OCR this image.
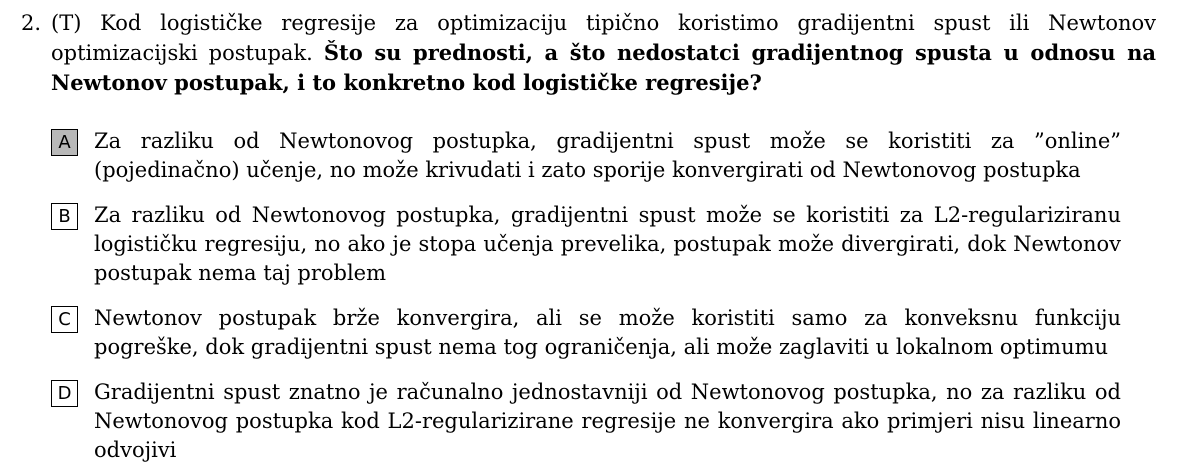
2. (T) Kod logističke regresije za optimizaciju tipično koristimo gradijentni spust ili Newtonov optimizacijski postupak. Što su prednosti, a što nedostatci gradijentnog spusta u odnosu na Newtonov postupak, i to konkretno kod logističke regresije?
A	Za razliku od Newtonovog postupka, gradijentni spust može se koristiti za ”online” (pojedinačno) učenje, no može krivudati i zato sporije konvergirati od Newtonovog postupka
B	Za razliku od Newtonovog postupka, gradijentni spust može se koristiti za L2-regulariziranu logističku regresiju, no ako je stopa učenja prevelika, postupak može divergirati, dok Newtonov postupak nema taj problem
C	Newtonov postupak brže konvergira, ali se može koristiti samo za konveksnu funkciju pogreške, dok gradijentni spust nema tog ograničenja, ali može zaglaviti u lokalnom optimumu
D	Gradijentni spust znatno je računalno jednostavniji od Newtonovog postupka, no za razliku od Newtonovog postupka kod L2-regularizirane regresije ne konvergira ako primjeri nisu linearno odvojivi
